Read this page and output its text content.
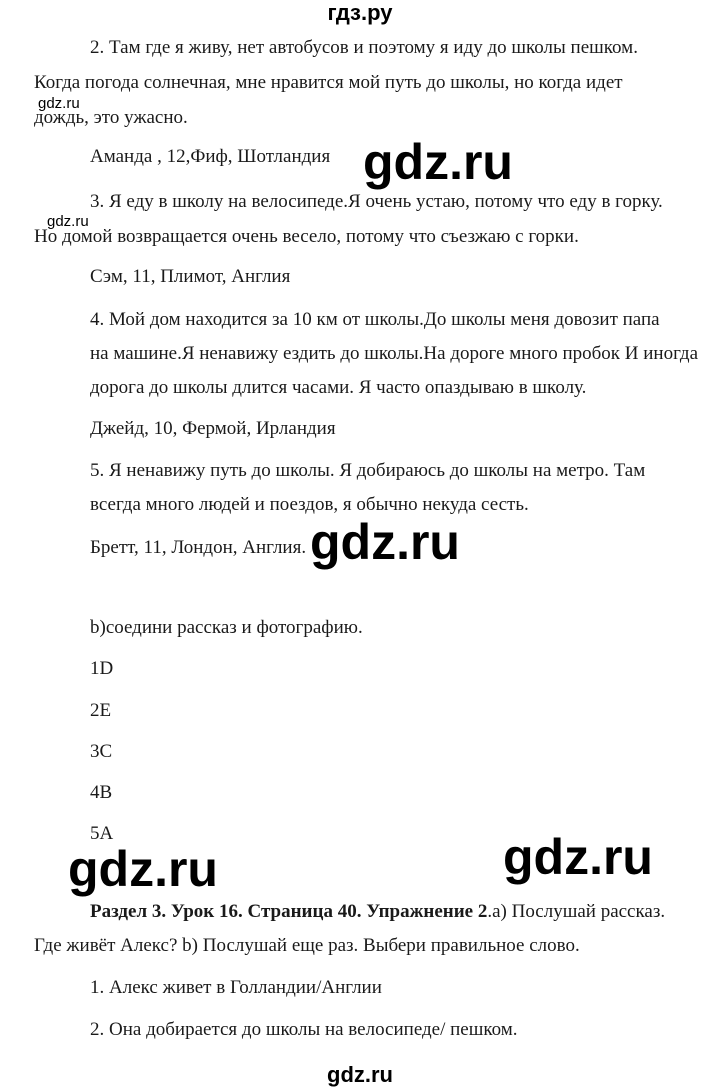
гдз.ру

2. Там где я живу, нет автобусов и поэтому я иду до школы пешком.

Когда погода солнечная, мне нравится мой путь до школы, но когда идет

gdz.ru

дождь, это ужасно.

Аманда , 12,Фиф, Шотландия gdz.ru

3. Я еду в школу на велосипеде.Я очень устаю, потому что еду в горку.

gdz.ru

Но домой возвращается очень весело, потому что съезжаю с горки.

Сэм, 11, Плимот, Англия

4. Мой дом находится за 10 км от школы.До школы меня довозит папа

на машине.Я ненавижу ездить до школы.На дороге много пробок И иногда

дорога до школы длится часами. Я часто опаздываю в школу.

Джейд, 10, Фермой, Ирландия

5. Я ненавижу путь до школы. Я добираюсь до школы на метро. Там

всегда много людей и поездов, я обычно некуда сесть.

Бретт, 11, Лондон, Англия. gdz.ru

b)соедини рассказ и фотографию.

1D

2E

3C

4B

5A

gdz.ru	gdz.ru

Раздел 3. Урок 16. Страница 40. Упражнение 2.а) Послушай рассказ.

Где живёт Алекс? b) Послушай еще раз. Выбери правильное слово.

1. Алекс живет в Голландии/Англии

2. Она добирается до школы на велосипеде/ пешком.

gdz.ru
